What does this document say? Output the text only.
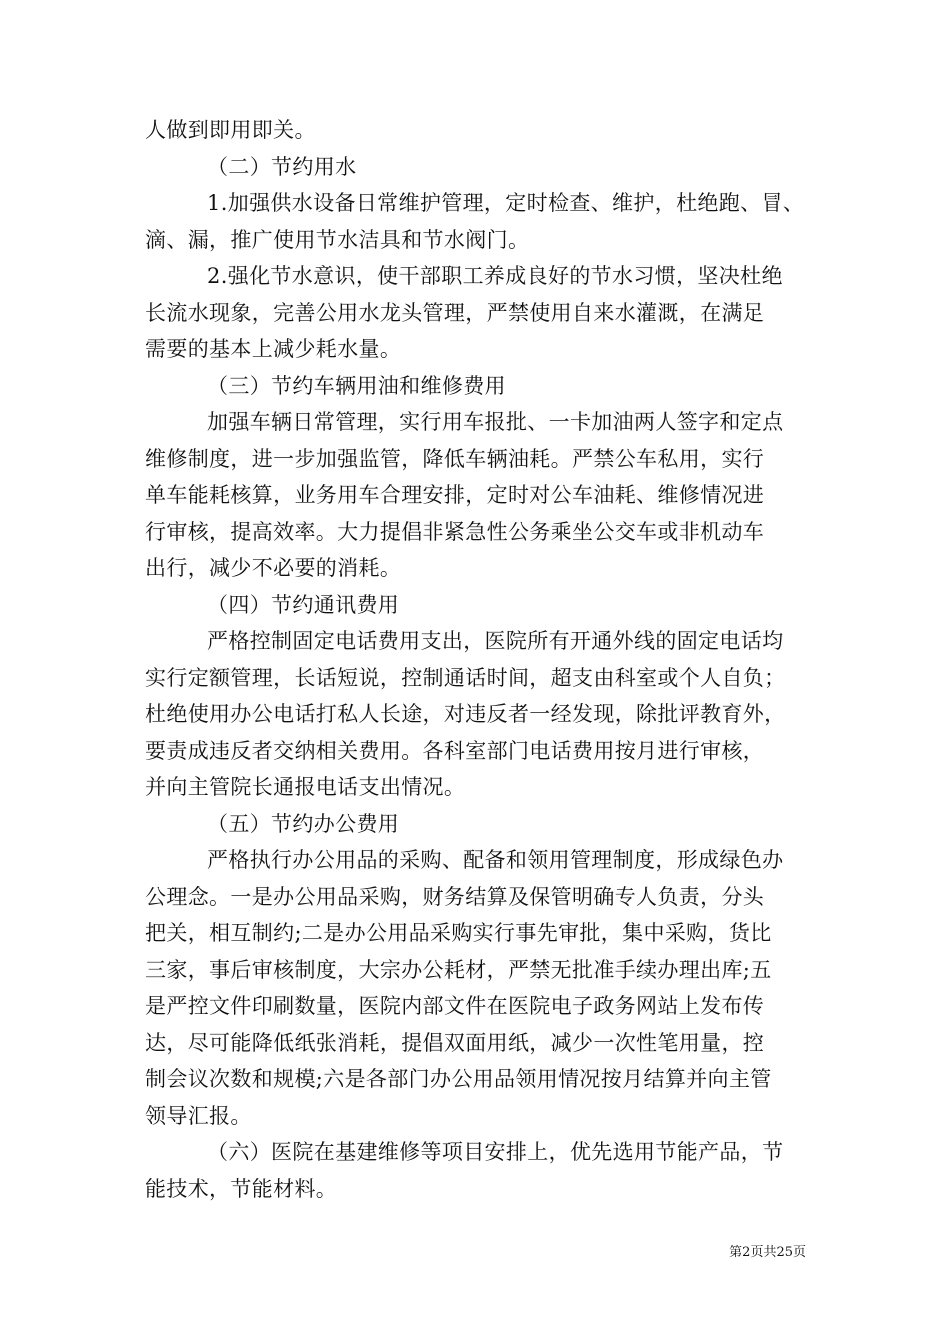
人做到即用即关。
（二）节约用水
1.加强供水设备日常维护管理，定时检查、维护，杜绝跑、冒、
滴、漏，推广使用节水洁具和节水阀门。
2.强化节水意识，使干部职工养成良好的节水习惯，坚决杜绝
长流水现象，完善公用水龙头管理，严禁使用自来水灌溉，在满足
需要的基本上减少耗水量。
（三）节约车辆用油和维修费用
加强车辆日常管理，实行用车报批、一卡加油两人签字和定点
维修制度，进一步加强监管，降低车辆油耗。严禁公车私用，实行
单车能耗核算，业务用车合理安排，定时对公车油耗、维修情况进
行审核，提高效率。大力提倡非紧急性公务乘坐公交车或非机动车
出行，减少不必要的消耗。
（四）节约通讯费用
严格控制固定电话费用支出，医院所有开通外线的固定电话均
实行定额管理，长话短说，控制通话时间，超支由科室或个人自负；
杜绝使用办公电话打私人长途，对违反者一经发现，除批评教育外，
要责成违反者交纳相关费用。各科室部门电话费用按月进行审核，
并向主管院长通报电话支出情况。
（五）节约办公费用
严格执行办公用品的采购、配备和领用管理制度，形成绿色办
公理念。一是办公用品采购，财务结算及保管明确专人负责，分头
把关，相互制约;二是办公用品采购实行事先审批，集中采购，货比
三家，事后审核制度，大宗办公耗材，严禁无批准手续办理出库;五
是严控文件印刷数量，医院内部文件在医院电子政务网站上发布传
达，尽可能降低纸张消耗，提倡双面用纸，减少一次性笔用量，控
制会议次数和规模;六是各部门办公用品领用情况按月结算并向主管
领导汇报。
（六）医院在基建维修等项目安排上，优先选用节能产品，节
能技术，节能材料。
第2页共25页
